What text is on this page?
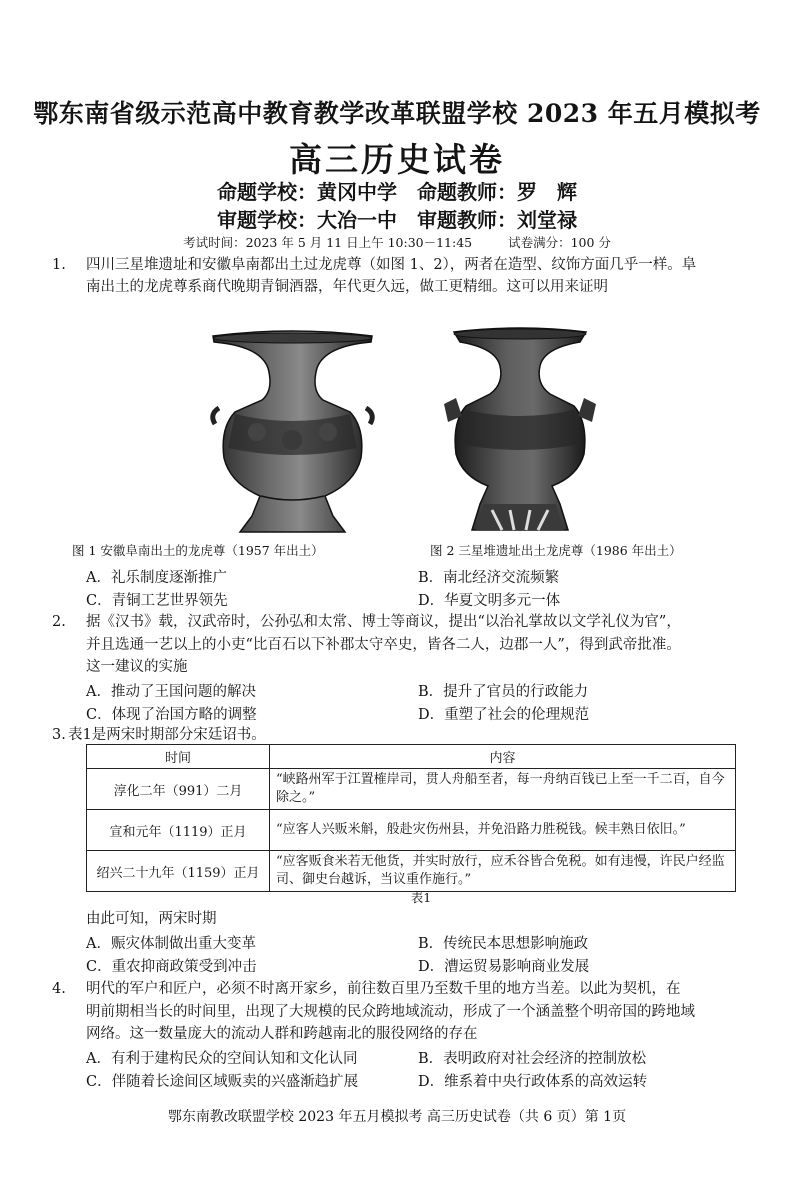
鄂东南省级示范高中教育教学改革联盟学校 2023 年五月模拟考
高三历史试卷
命题学校：黄冈中学　命题教师：罗　辉
审题学校：大冶一中　审题教师：刘堂禄
考试时间：2023 年 5 月 11 日上午 10:30－11:45	试卷满分：100 分
1. 四川三星堆遗址和安徽阜南都出土过龙虎尊（如图 1、2），两者在造型、纹饰方面几乎一样。阜
南出土的龙虎尊系商代晚期青铜酒器，年代更久远，做工更精细。这可以用来证明
图 1 安徽阜南出土的龙虎尊（1957 年出土）	图 2 三星堆遗址出土龙虎尊（1986 年出土）
A．礼乐制度逐渐推广	B．南北经济交流频繁
C．青铜工艺世界领先	D．华夏文明多元一体
2. 据《汉书》载，汉武帝时，公孙弘和太常、博士等商议，提出“以治礼掌故以文学礼仪为官”，
并且选通一艺以上的小吏“比百石以下补郡太守卒史，皆各二人，边郡一人”，得到武帝批准。
这一建议的实施
A．推动了王国问题的解决	B．提升了官员的行政能力
C．体现了治国方略的调整	D．重塑了社会的伦理规范
3. 表1是两宋时期部分宋廷诏书。
时间	内容
淳化二年（991）二月	“峡路州军于江置榷岸司，贯人舟船至者，每一舟纳百钱已上至一千二百，自今除之。”
宣和元年（1119）正月	“应客人兴贩米斛，般赴灾伤州县，并免沿路力胜税钱。候丰熟日依旧。”
绍兴二十九年（1159）正月	“应客贩食米若无他货，并实时放行，应禾谷皆合免税。如有违慢，许民户经监司、御史台越诉，当议重作施行。”
表1
由此可知，两宋时期
A．赈灾体制做出重大变革	B．传统民本思想影响施政
C．重农抑商政策受到冲击	D．漕运贸易影响商业发展
4. 明代的军户和匠户，必须不时离开家乡，前往数百里乃至数千里的地方当差。以此为契机，在
明前期相当长的时间里，出现了大规模的民众跨地域流动，形成了一个涵盖整个明帝国的跨地域
网络。这一数量庞大的流动人群和跨越南北的服役网络的存在
A．有利于建构民众的空间认知和文化认同	B．表明政府对社会经济的控制放松
C．伴随着长途间区域贩卖的兴盛渐趋扩展	D．维系着中央行政体系的高效运转
鄂东南教改联盟学校 2023 年五月模拟考 高三历史试卷（共 6 页）第 1页
